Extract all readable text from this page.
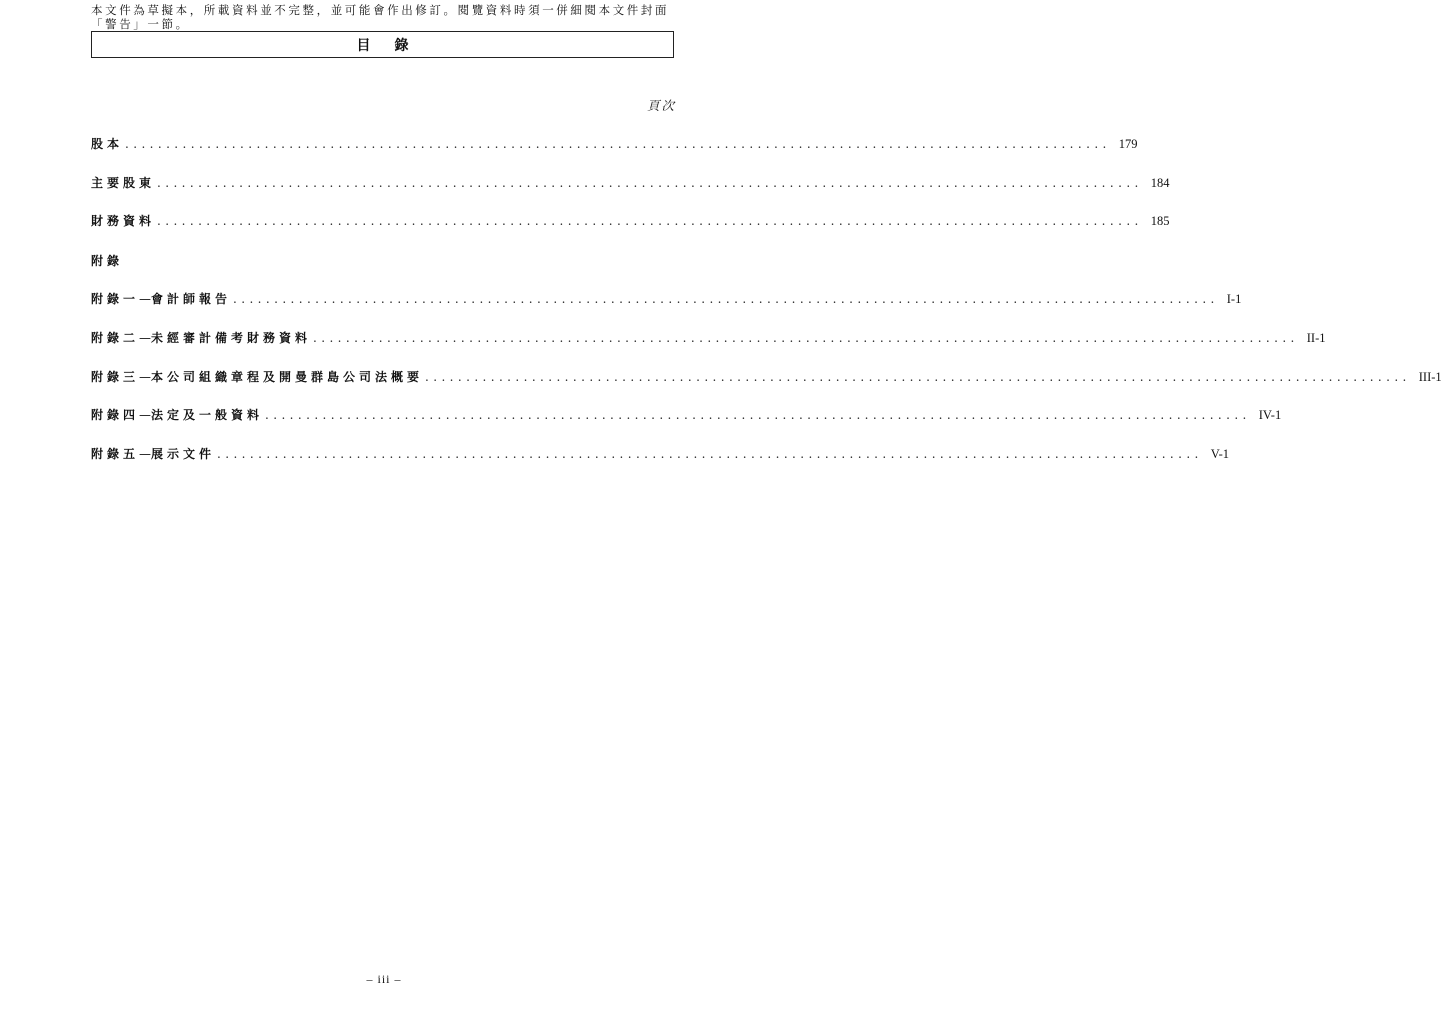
本文件為草擬本，所載資料並不完整，並可能會作出修訂。閱覽資料時須一併細閱本文件封面「警告」一節。
目錄
頁次
股本 ........................................................................................................................ 179
主要股東 ........................................................................................................................ 184
財務資料 ........................................................................................................................ 185
附錄
附錄一 — 會計師報告 ........................................................................................................................ I-1
附錄二 — 未經審計備考財務資料 ........................................................................................................................ II-1
附錄三 — 本公司組織章程及開曼群島公司法概要 ........................................................................................................................ III-1
附錄四 — 法定及一般資料 ........................................................................................................................ IV-1
附錄五 — 展示文件 ........................................................................................................................ V-1
– iii –
